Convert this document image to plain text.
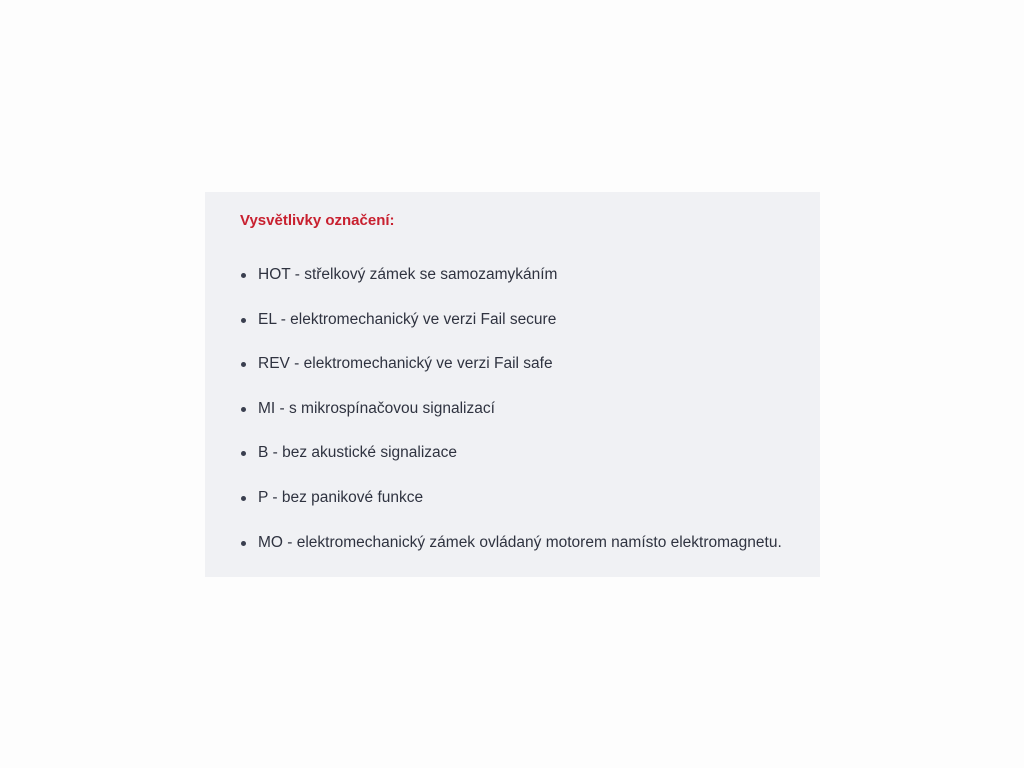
Vysvětlivky označení:
HOT - střelkový zámek se samozamykáním
EL - elektromechanický ve verzi Fail secure
REV - elektromechanický ve verzi Fail safe
MI - s mikrospínačovou signalizací
B - bez akustické signalizace
P - bez panikové funkce
MO - elektromechanický zámek ovládaný motorem namísto elektromagnetu.
